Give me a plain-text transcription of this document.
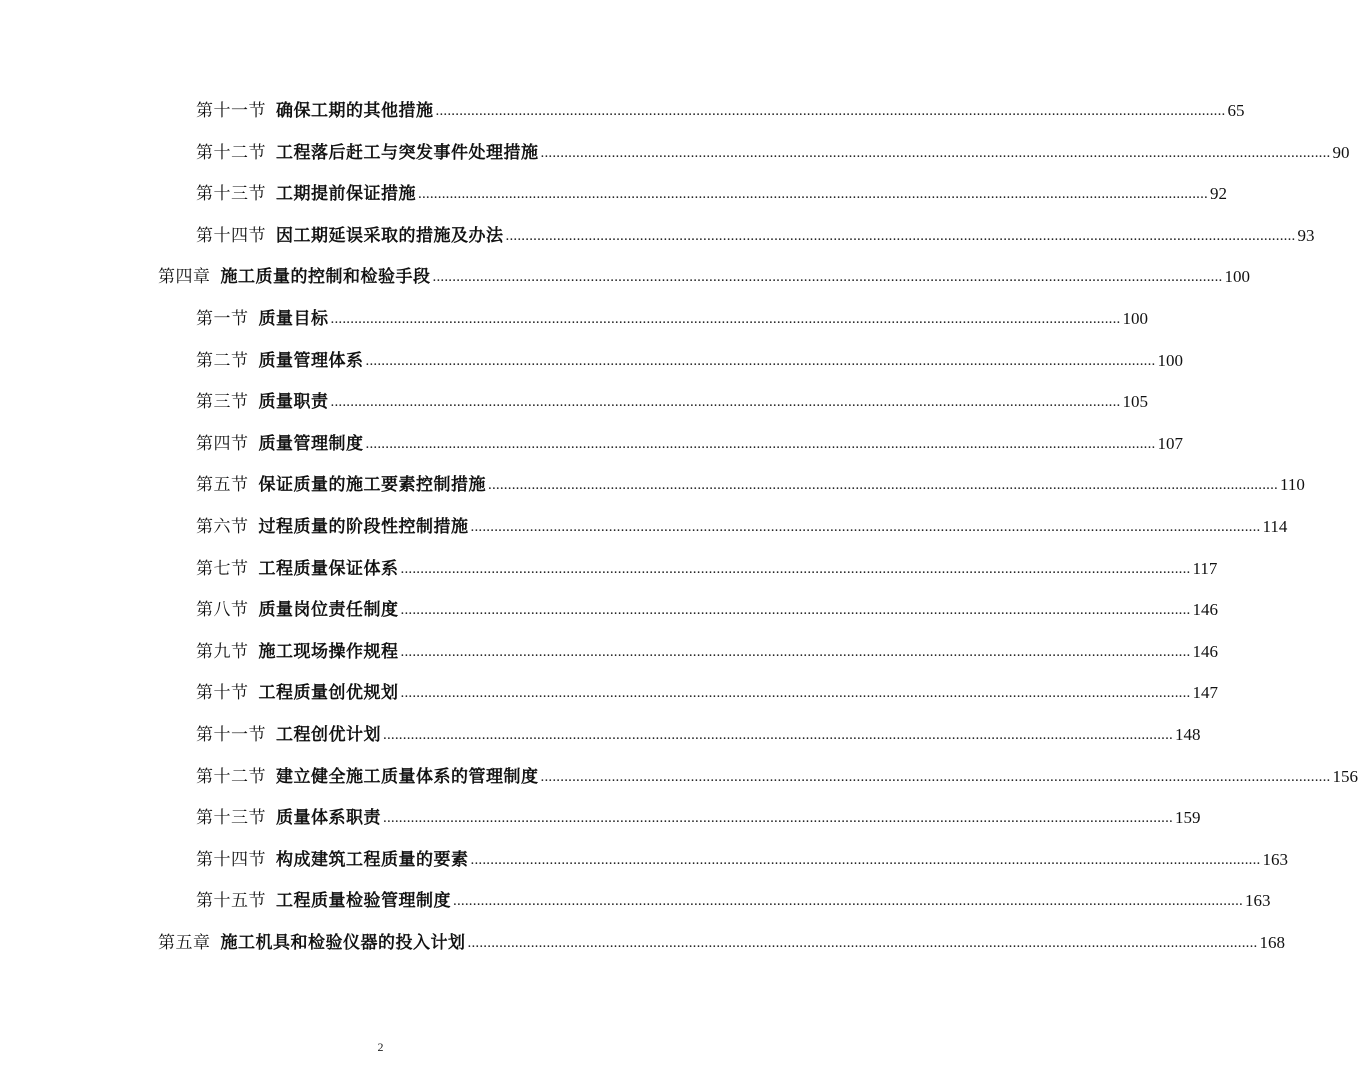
第十一节 确保工期的其他措施 ........................................................................................................................................................................................................ 65
第十二节 工程落后赶工与突发事件处理措施 ........................................................................................................................................................................................................ 90
第十三节 工期提前保证措施 ........................................................................................................................................................................................................ 92
第十四节 因工期延误采取的措施及办法 ........................................................................................................................................................................................................ 93
第四章 施工质量的控制和检验手段 ........................................................................................................................................................................................................ 100
第一节 质量目标 ........................................................................................................................................................................................................ 100
第二节 质量管理体系 ........................................................................................................................................................................................................ 100
第三节 质量职责 ........................................................................................................................................................................................................ 105
第四节 质量管理制度 ........................................................................................................................................................................................................ 107
第五节 保证质量的施工要素控制措施 ........................................................................................................................................................................................................ 110
第六节 过程质量的阶段性控制措施 ........................................................................................................................................................................................................ 114
第七节 工程质量保证体系 ........................................................................................................................................................................................................ 117
第八节 质量岗位责任制度 ........................................................................................................................................................................................................ 146
第九节 施工现场操作规程 ........................................................................................................................................................................................................ 146
第十节 工程质量创优规划 ........................................................................................................................................................................................................ 147
第十一节 工程创优计划 ........................................................................................................................................................................................................ 148
第十二节 建立健全施工质量体系的管理制度 ........................................................................................................................................................................................................ 156
第十三节 质量体系职责 ........................................................................................................................................................................................................ 159
第十四节 构成建筑工程质量的要素 ........................................................................................................................................................................................................ 163
第十五节 工程质量检验管理制度 ........................................................................................................................................................................................................ 163
第五章 施工机具和检验仪器的投入计划 ........................................................................................................................................................................................................ 168
2
